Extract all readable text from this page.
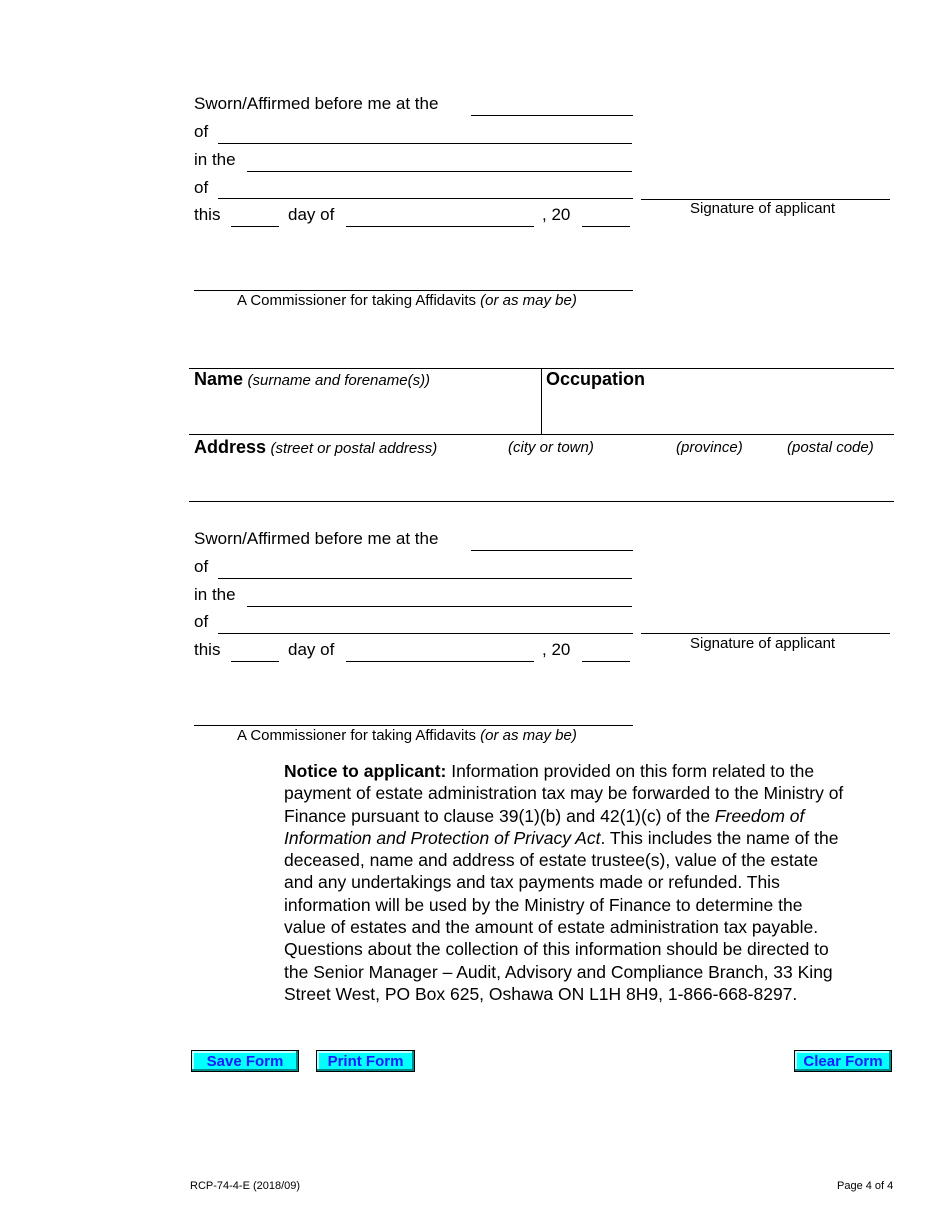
Sworn/Affirmed before me at the
of
in the
of
this	day of	, 20	Signature of applicant
A Commissioner for taking Affidavits (or as may be)
Name (surname and forename(s))	Occupation
Address (street or postal address)	(city or town)	(province)	(postal code)
Sworn/Affirmed before me at the
of
in the
of
this	day of	, 20	Signature of applicant
A Commissioner for taking Affidavits (or as may be)
Notice to applicant: Information provided on this form related to the payment of estate administration tax may be forwarded to the Ministry of Finance pursuant to clause 39(1)(b) and 42(1)(c) of the Freedom of Information and Protection of Privacy Act. This includes the name of the deceased, name and address of estate trustee(s), value of the estate and any undertakings and tax payments made or refunded. This information will be used by the Ministry of Finance to determine the value of estates and the amount of estate administration tax payable. Questions about the collection of this information should be directed to the Senior Manager – Audit, Advisory and Compliance Branch, 33 King Street West, PO Box 625, Oshawa ON L1H 8H9, 1-866-668-8297.
Save Form	Print Form	Clear Form
RCP-74-4-E (2018/09)	Page 4 of 4
